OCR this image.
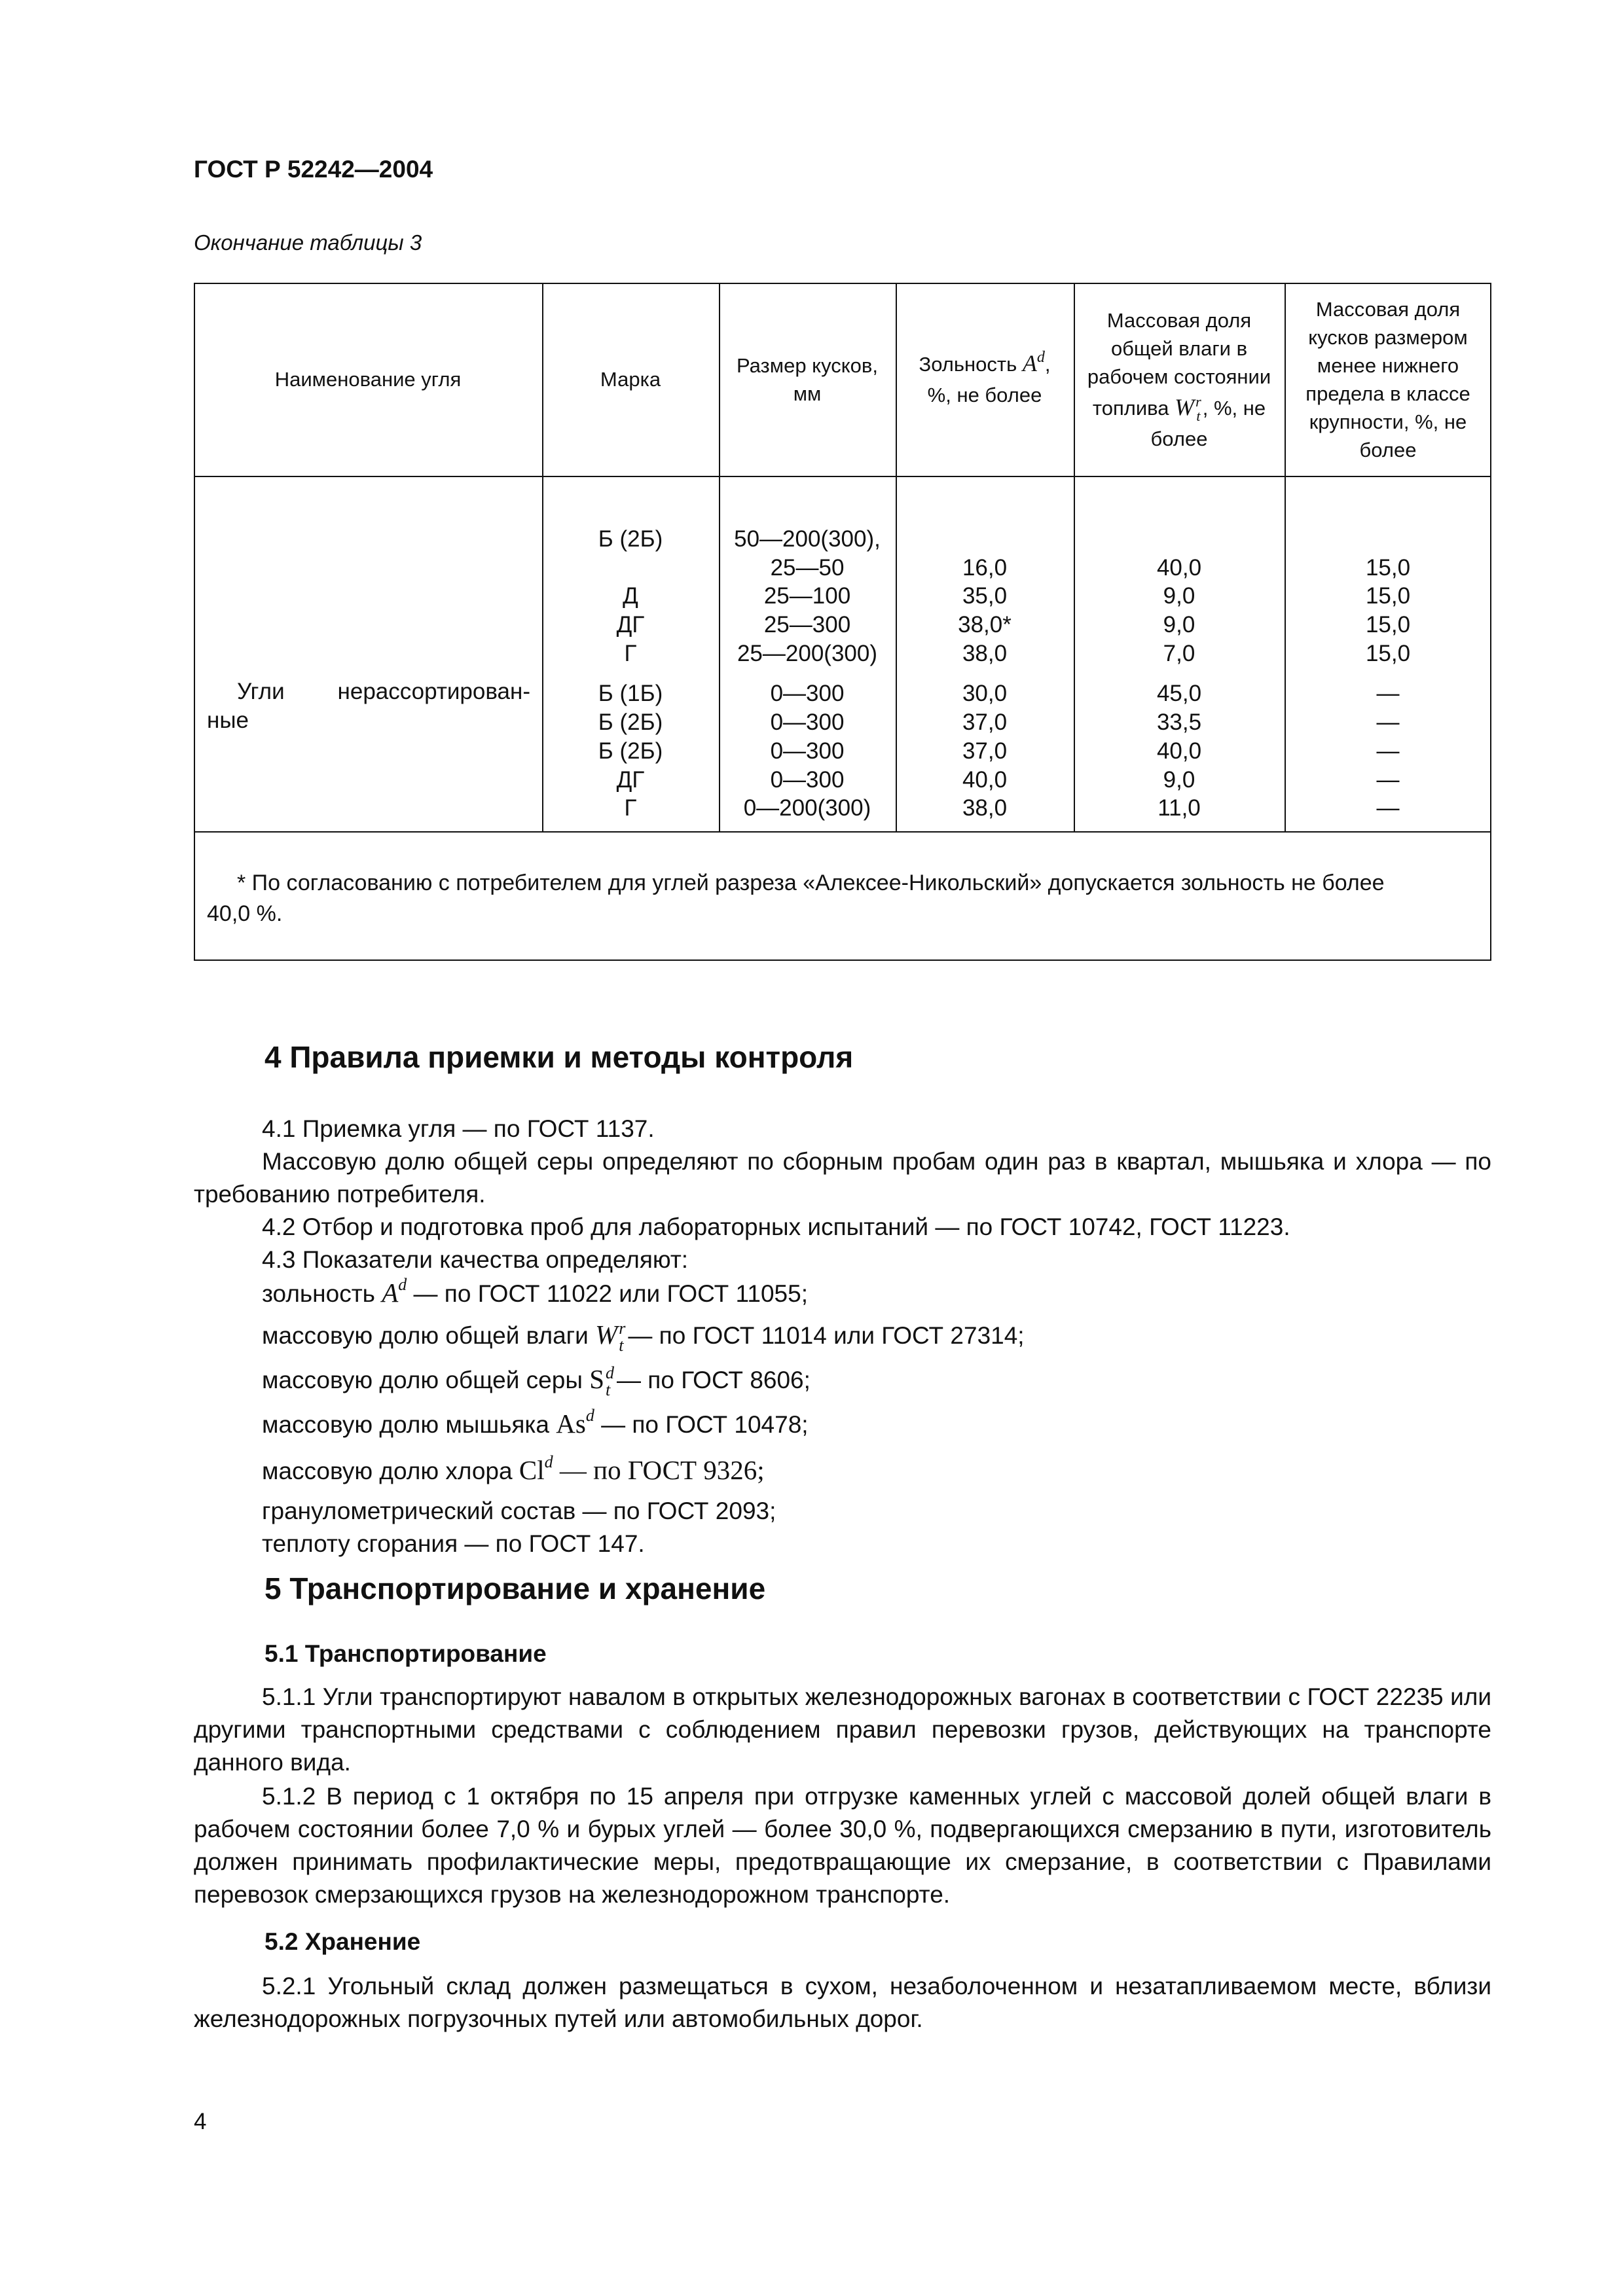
ГОСТ Р 52242—2004
Окончание таблицы 3
Наименование угля	Марка
Размер кусков,
мм
Зольность $A^d$,
%, не более
Массовая доля
общей влаги в
рабочем состоянии
топлива W r
t , %, не
более
Массовая доля
кусков размером
менее нижнего
предела в классе
крупности, %, не
более
Угли нерассортирован-
ные
Б (2Б)
Д
ДГ
Г
Б (1Б)
Б (2Б)
Б (2Б)
ДГ
Г
50—200(300),
25—50
25—100
25—300
25—200(300)
0—300
0—300
0—300
0—300
0—200(300)
16,0
35,0
38,0*
38,0
30,0
37,0
37,0
40,0
38,0
40,0
9,0
9,0
7,0
45,0
33,5
40,0
9,0
11,0
15,0
15,0
15,0
15,0
—
—
—
—
—
* По согласованию с потребителем для углей разреза «Алексее-Никольский» допускается зольность не более
40,0 %.
4 Правила приемки и методы контроля
4.1 Приемка угля — по ГОСТ 1137.
Массовую долю общей серы определяют по сборным пробам один раз в квартал, мышьяка и хлора — по требованию потребителя.
4.2 Отбор и подготовка проб для лабораторных испытаний — по ГОСТ 10742, ГОСТ 11223.
4.3 Показатели качества определяют:
зольность $A^d$ — по ГОСТ 11022 или ГОСТ 11055;
массовую долю общей влаги W r
t — по ГОСТ 11014 или ГОСТ 27314;
массовую долю общей серы S d
t — по ГОСТ 8606;
массовую долю мышьяка As$^d$ — по ГОСТ 10478;
массовую долю хлора Cl$^d$ — по ГОСТ 9326;
гранулометрический состав — по ГОСТ 2093;
теплоту сгорания — по ГОСТ 147.
5 Транспортирование и хранение
5.1 Транспортирование
5.1.1 Угли транспортируют навалом в открытых железнодорожных вагонах в соответствии с ГОСТ 22235 или другими транспортными средствами с соблюдением правил перевозки грузов, действующих на транспорте данного вида.
5.1.2 В период с 1 октября по 15 апреля при отгрузке каменных углей с массовой долей общей влаги в рабочем состоянии более 7,0 % и бурых углей — более 30,0 %, подвергающихся смерзанию в пути, изготовитель должен принимать профилактические меры, предотвращающие их смерзание, в соответствии с Правилами перевозок смерзающихся грузов на железнодорожном транспорте.
5.2 Хранение
5.2.1 Угольный склад должен размещаться в сухом, незаболоченном и незатапливаемом месте, вблизи железнодорожных погрузочных путей или автомобильных дорог.
4
